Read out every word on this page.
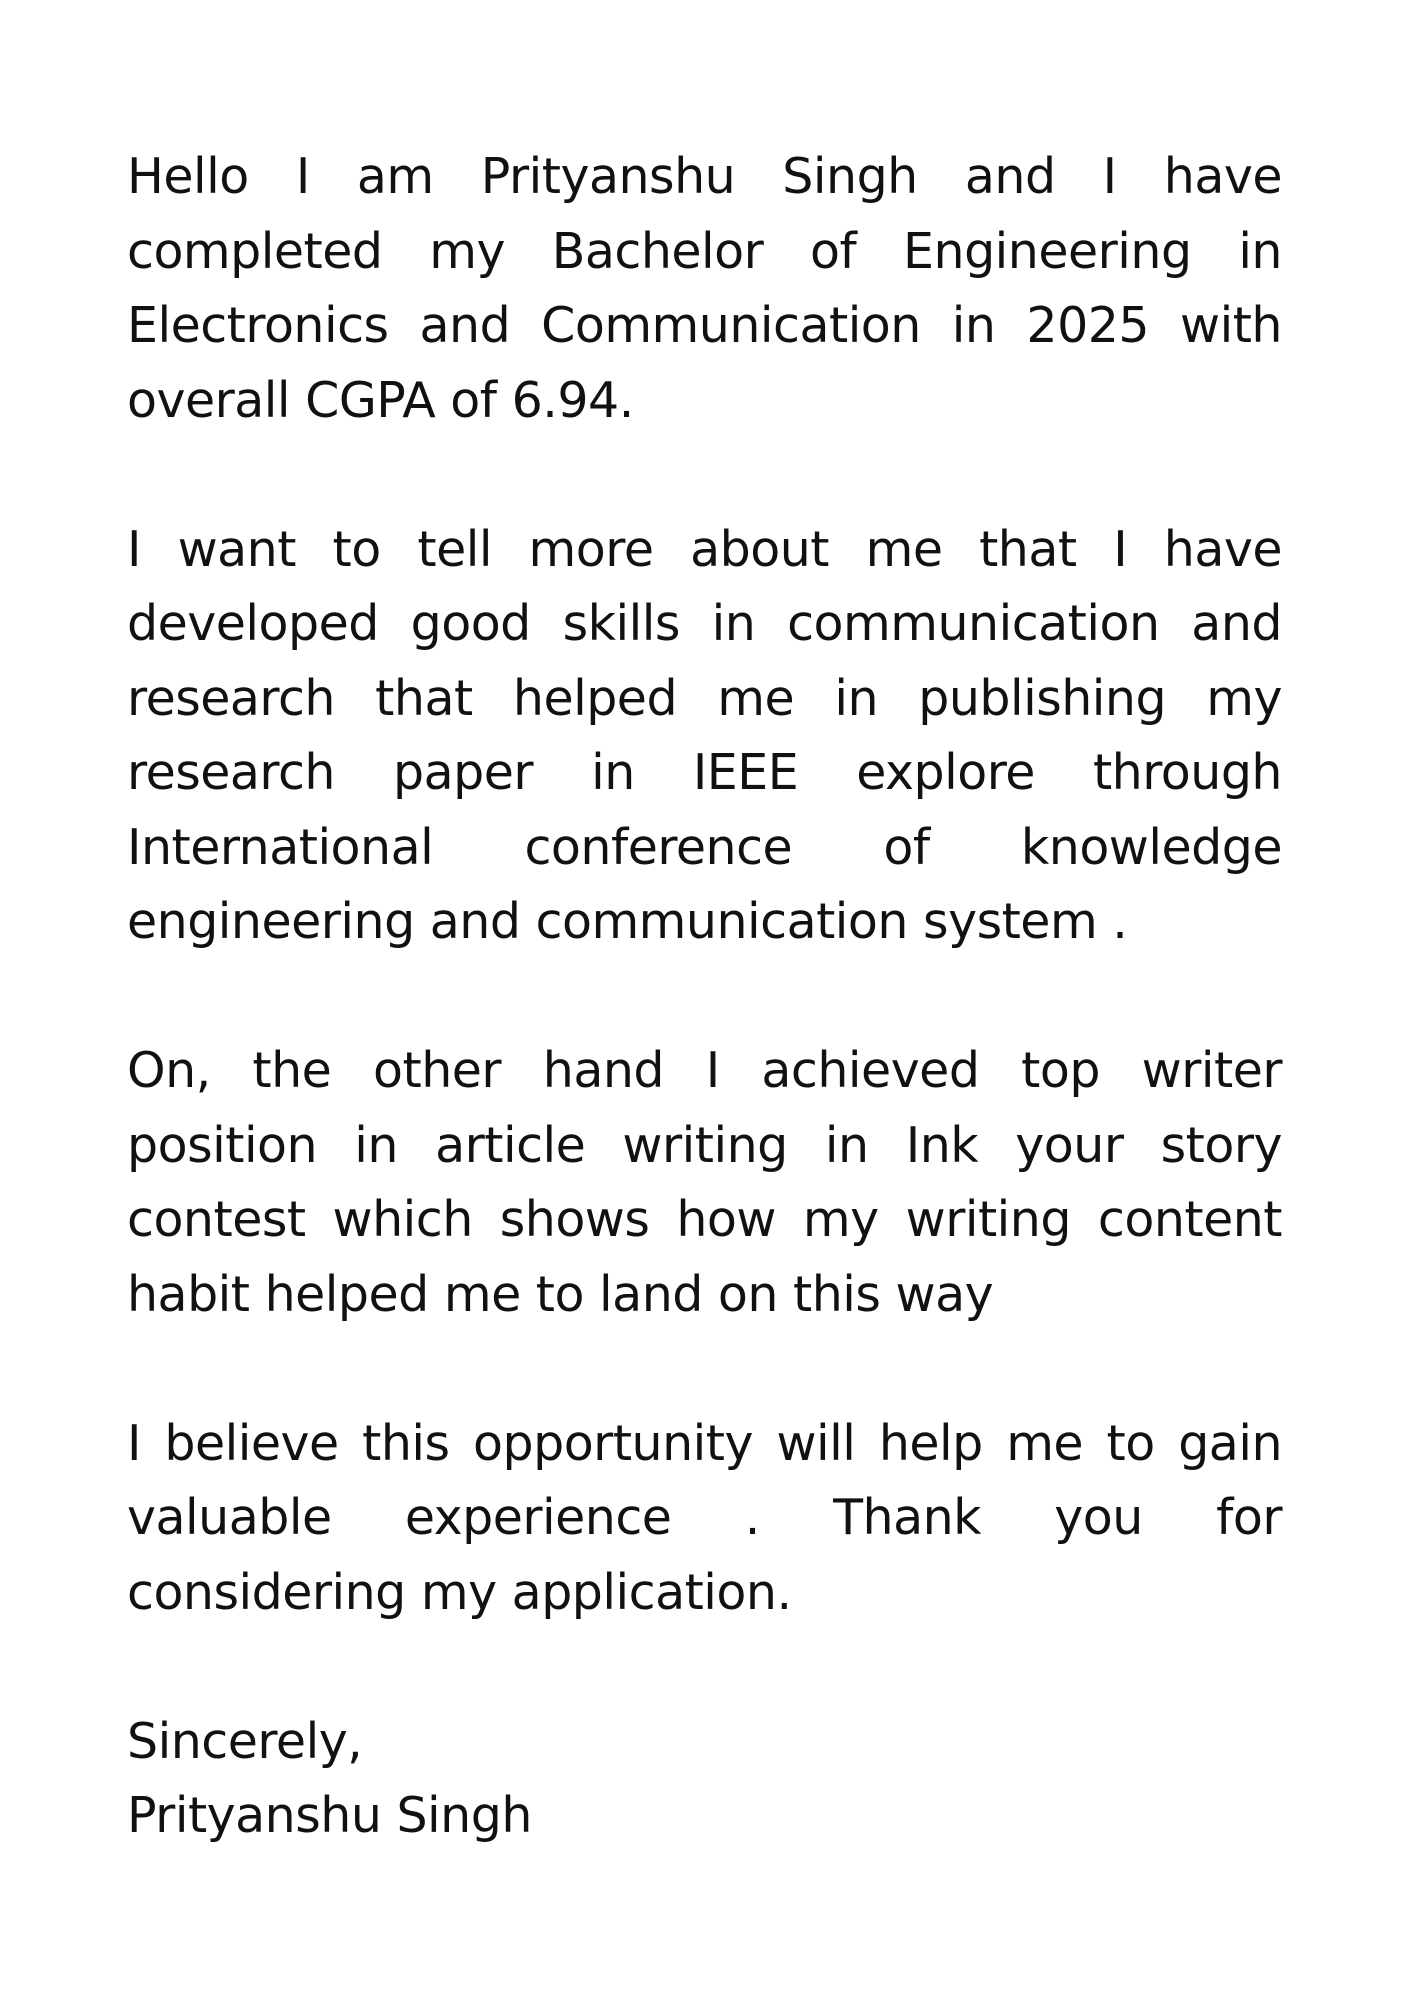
Hello I am Prityanshu Singh and I have completed my Bachelor of Engineering in Electronics and Communication in 2025 with overall CGPA of 6.94.

I want to tell more about me that I have developed good skills in communication and research that helped me in publishing my research paper in IEEE explore through International conference of knowledge engineering and communication system .

On, the other hand I achieved top writer position in article writing in Ink your story contest which shows how my writing content habit helped me to land on this way

I believe this opportunity will help me to gain valuable experience . Thank you for considering my application.

Sincerely,
Prityanshu Singh
